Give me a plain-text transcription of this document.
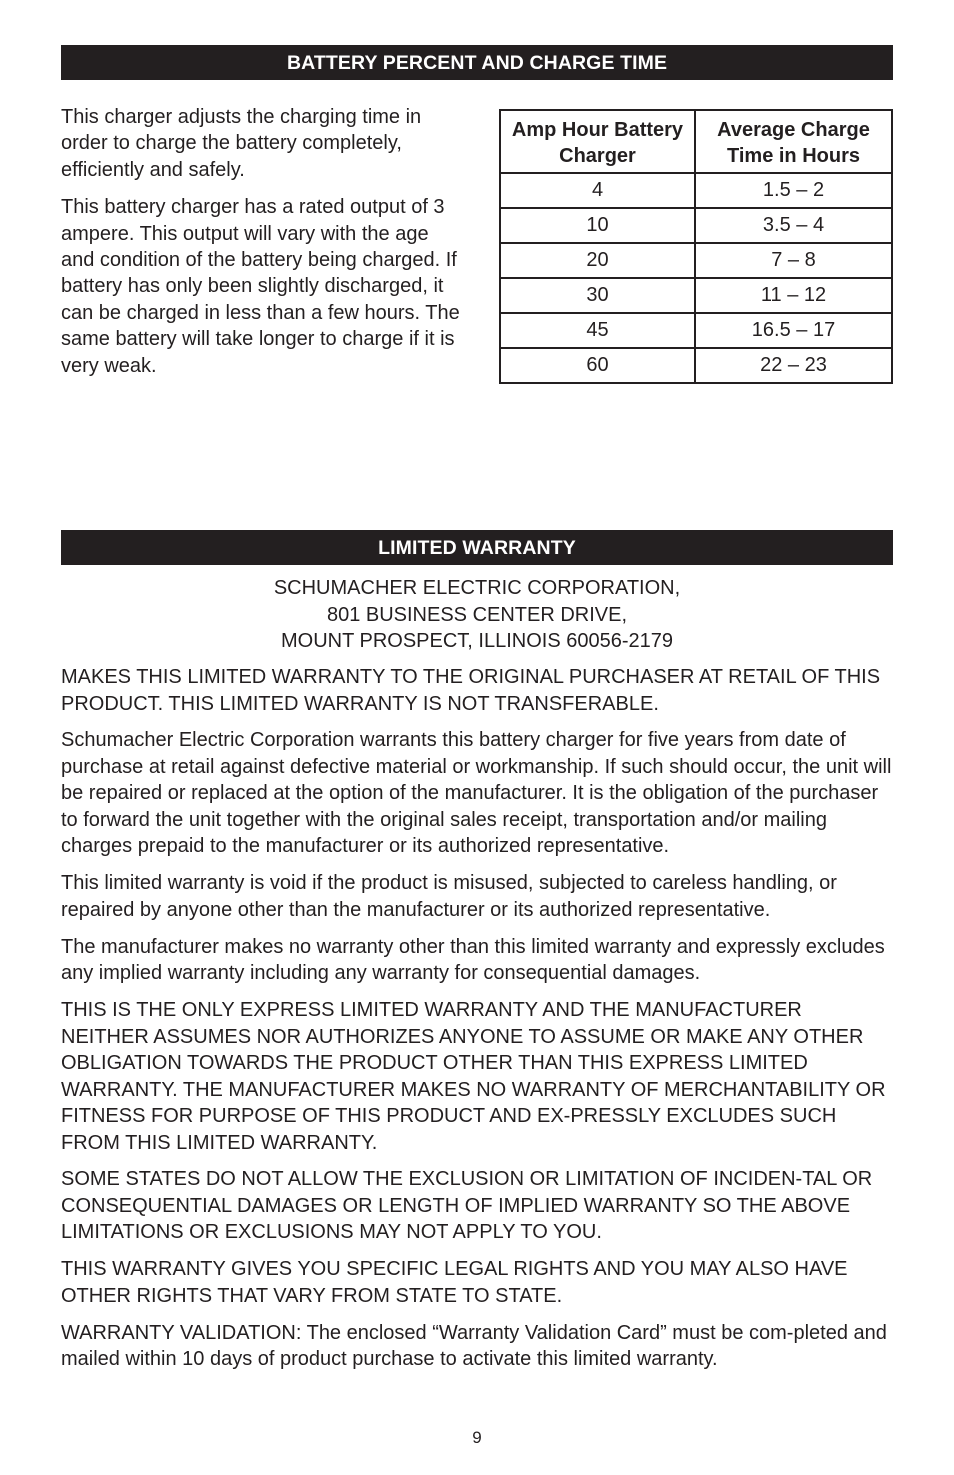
BATTERY PERCENT AND CHARGE TIME

This charger adjusts the charging time in order to charge the battery completely, efficiently and safely.

This battery charger has a rated output of 3 ampere. This output will vary with the age and condition of the battery being charged. If battery has only been slightly discharged, it can be charged in less than a few hours. The same battery will take longer to charge if it is very weak.

Amp Hour Battery Charger	Average Charge Time in Hours
4	1.5 – 2
10	3.5 – 4
20	7 – 8
30	11 – 12
45	16.5 – 17
60	22 – 23
LIMITED WARRANTY
SCHUMACHER ELECTRIC CORPORATION,
801 BUSINESS CENTER DRIVE,
MOUNT PROSPECT, ILLINOIS 60056-2179

MAKES THIS LIMITED WARRANTY TO THE ORIGINAL PURCHASER AT RETAIL OF THIS PRODUCT. THIS LIMITED WARRANTY IS NOT TRANSFERABLE.

Schumacher Electric Corporation warrants this battery charger for five years from date of purchase at retail against defective material or workmanship. If such should occur, the unit will be repaired or replaced at the option of the manufacturer. It is the obligation of the purchaser to forward the unit together with the original sales receipt, transportation and/or mailing charges prepaid to the manufacturer or its authorized representative.

This limited warranty is void if the product is misused, subjected to careless handling, or repaired by anyone other than the manufacturer or its authorized representative.

The manufacturer makes no warranty other than this limited warranty and expressly excludes any implied warranty including any warranty for consequential damages.

THIS IS THE ONLY EXPRESS LIMITED WARRANTY AND THE MANUFACTURER NEITHER ASSUMES NOR AUTHORIZES ANYONE TO ASSUME OR MAKE ANY OTHER OBLIGATION TOWARDS THE PRODUCT OTHER THAN THIS EXPRESS LIMITED WARRANTY. THE MANUFACTURER MAKES NO WARRANTY OF MERCHANTABILITY OR FITNESS FOR PURPOSE OF THIS PRODUCT AND EX-PRESSLY EXCLUDES SUCH FROM THIS LIMITED WARRANTY.

SOME STATES DO NOT ALLOW THE EXCLUSION OR LIMITATION OF INCIDEN-TAL OR CONSEQUENTIAL DAMAGES OR LENGTH OF IMPLIED WARRANTY SO THE ABOVE LIMITATIONS OR EXCLUSIONS MAY NOT APPLY TO YOU.

THIS WARRANTY GIVES YOU SPECIFIC LEGAL RIGHTS AND YOU MAY ALSO HAVE OTHER RIGHTS THAT VARY FROM STATE TO STATE.

WARRANTY VALIDATION: The enclosed “Warranty Validation Card” must be com-pleted and mailed within 10 days of product purchase to activate this limited warranty.

9
